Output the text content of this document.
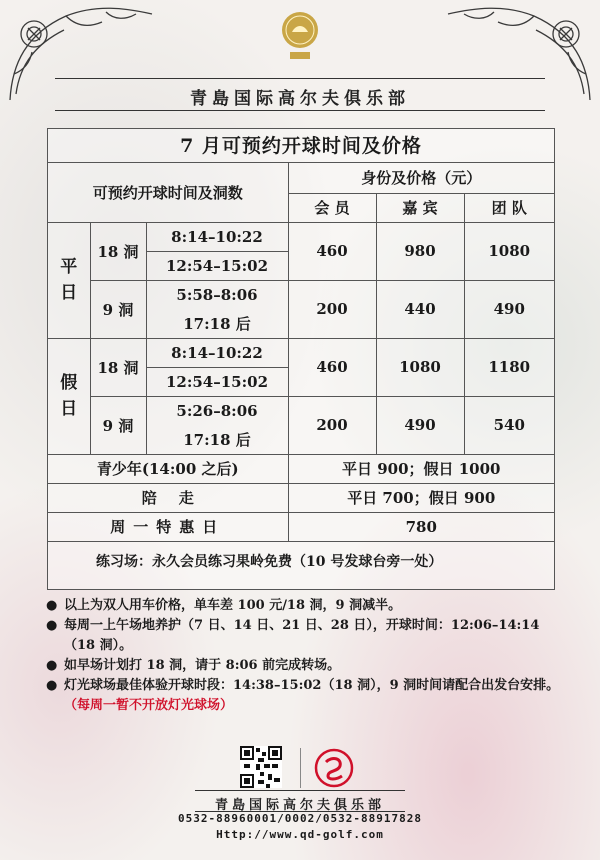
青島国际高尔夫俱乐部
7 月可预约开球时间及价格
可预约开球时间及洞数			身份及价格（元）		
			会 员	嘉 宾	团 队

平
日	18 洞	8:14–10:22	460	980	1080
		12:54–15:02			
	9 洞	5:58–8:06	200	440	490
		17:18 后			

假
日	18 洞	8:14–10:22	460	1080	1180
		12:54–15:02			
	9 洞	5:26–8:06	200	490	540
		17:18 后			
青少年(14:00 之后)			平日 900；假日 1000		
陪走			平日 700；假日 900		
周一特惠日			780		
练习场：永久会员练习果岭免费（10 号发球台旁一处）					

● 以上为双人用车价格，单车差 100 元/18 洞，9 洞减半。

● 每周一上午场地养护（7 日、14 日、21 日、28 日），开球时间：12:06–14:14（18 洞）。

● 如早场计划打 18 洞，请于 8:06 前完成转场。

● 灯光球场最佳体验开球时段：14:38–15:02（18 洞），9 洞时间请配合出发台安排。（每周一暂不开放灯光球场）

青島国际高尔夫俱乐部
0532-88960001/0002/0532-88917828
Http://www.qd-golf.com
